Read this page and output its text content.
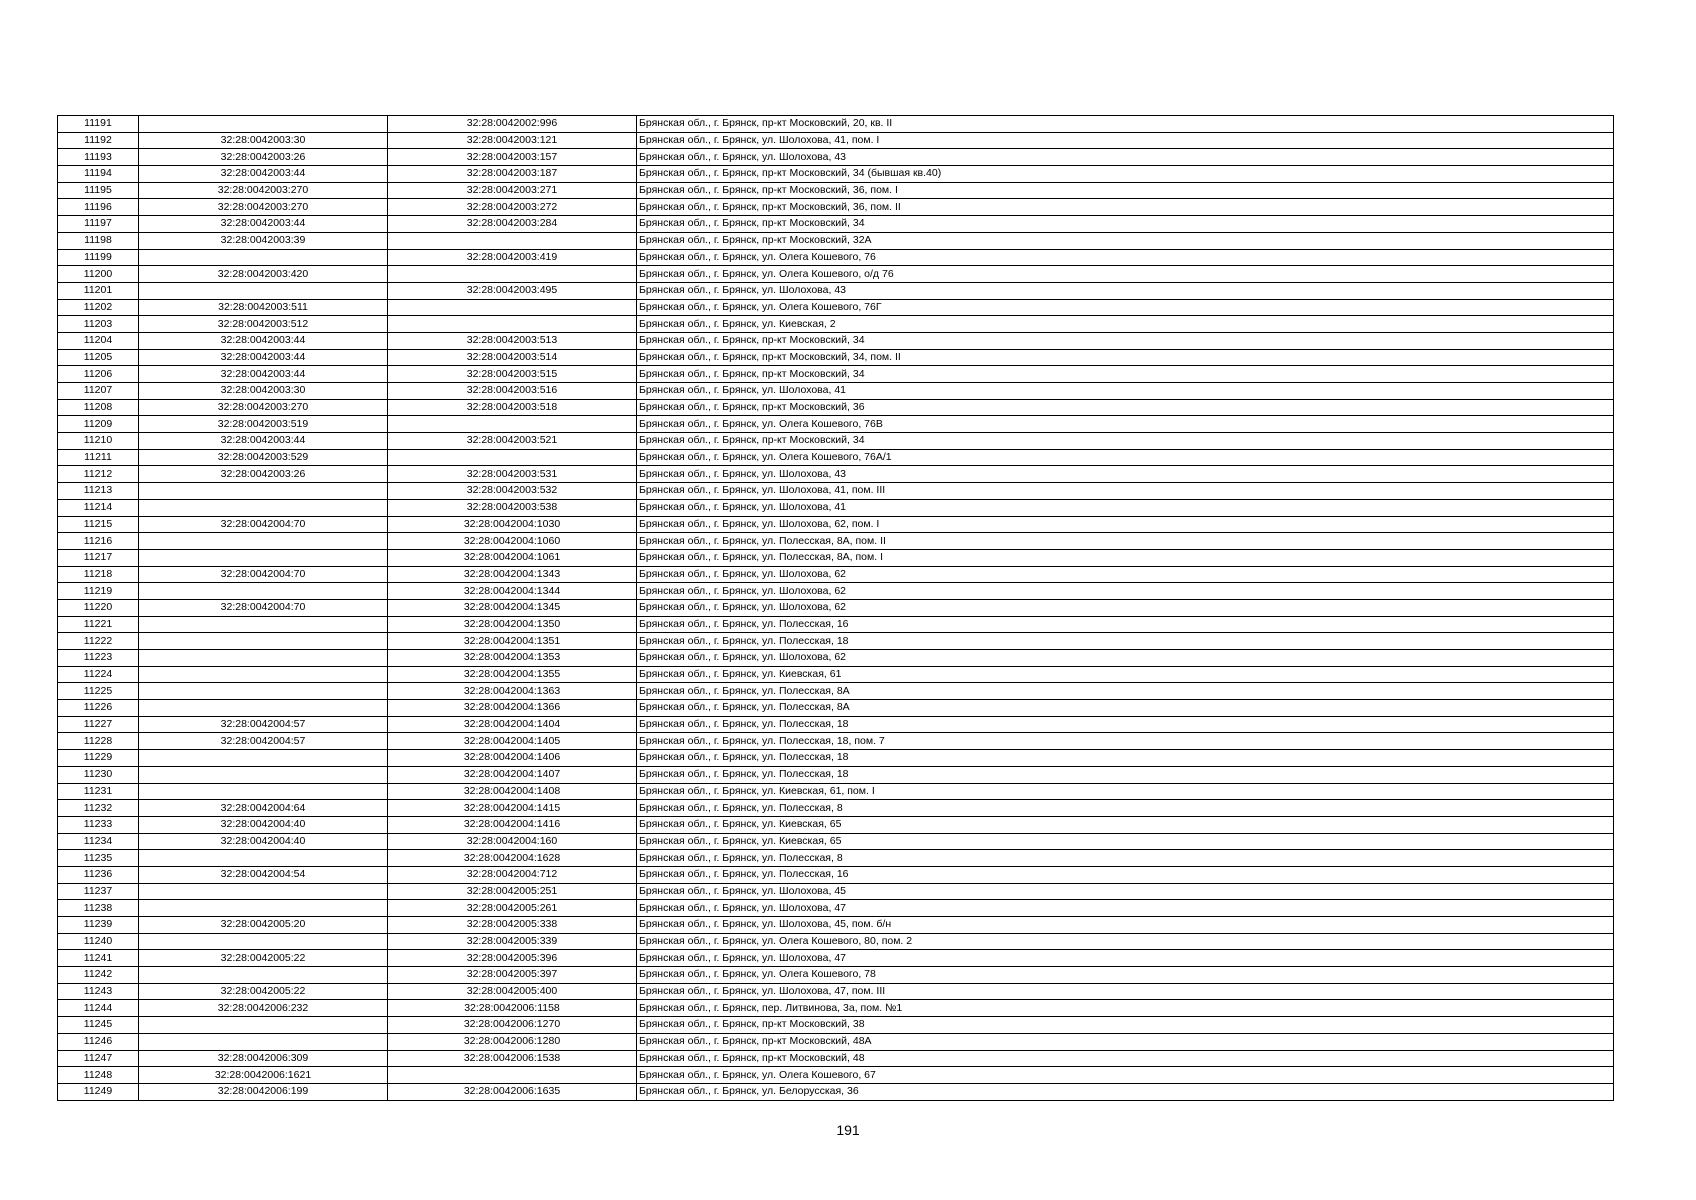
11191		32:28:0042002:996	Брянская обл., г. Брянск, пр-кт Московский, 20, кв. II
11192	32:28:0042003:30	32:28:0042003:121	Брянская обл., г. Брянск, ул. Шолохова, 41, пом. I
11193	32:28:0042003:26	32:28:0042003:157	Брянская обл., г. Брянск, ул. Шолохова, 43
11194	32:28:0042003:44	32:28:0042003:187	Брянская обл., г. Брянск, пр-кт Московский, 34 (бывшая кв.40)
11195	32:28:0042003:270	32:28:0042003:271	Брянская обл., г. Брянск, пр-кт Московский, 36, пом. I
11196	32:28:0042003:270	32:28:0042003:272	Брянская обл., г. Брянск, пр-кт Московский, 36, пом. II
11197	32:28:0042003:44	32:28:0042003:284	Брянская обл., г. Брянск, пр-кт Московский, 34
11198	32:28:0042003:39		Брянская обл., г. Брянск, пр-кт Московский, 32А
11199		32:28:0042003:419	Брянская обл., г. Брянск, ул. Олега Кошевого, 76
11200	32:28:0042003:420		Брянская обл., г. Брянск, ул. Олега Кошевого, о/д 76
11201		32:28:0042003:495	Брянская обл., г. Брянск, ул. Шолохова, 43
11202	32:28:0042003:511		Брянская обл., г. Брянск, ул. Олега Кошевого, 76Г
11203	32:28:0042003:512		Брянская обл., г. Брянск, ул. Киевская, 2
11204	32:28:0042003:44	32:28:0042003:513	Брянская обл., г. Брянск, пр-кт Московский, 34
11205	32:28:0042003:44	32:28:0042003:514	Брянская обл., г. Брянск, пр-кт Московский, 34, пом. II
11206	32:28:0042003:44	32:28:0042003:515	Брянская обл., г. Брянск, пр-кт Московский, 34
11207	32:28:0042003:30	32:28:0042003:516	Брянская обл., г. Брянск, ул. Шолохова, 41
11208	32:28:0042003:270	32:28:0042003:518	Брянская обл., г. Брянск, пр-кт Московский, 36
11209	32:28:0042003:519		Брянская обл., г. Брянск, ул. Олега Кошевого, 76В
11210	32:28:0042003:44	32:28:0042003:521	Брянская обл., г. Брянск, пр-кт Московский, 34
11211	32:28:0042003:529		Брянская обл., г. Брянск, ул. Олега Кошевого, 76А/1
11212	32:28:0042003:26	32:28:0042003:531	Брянская обл., г. Брянск, ул. Шолохова, 43
11213		32:28:0042003:532	Брянская обл., г. Брянск, ул. Шолохова, 41, пом. III
11214		32:28:0042003:538	Брянская обл., г. Брянск, ул. Шолохова, 41
11215	32:28:0042004:70	32:28:0042004:1030	Брянская обл., г. Брянск, ул. Шолохова, 62, пом. I
11216		32:28:0042004:1060	Брянская обл., г. Брянск, ул. Полесская, 8А, пом. II
11217		32:28:0042004:1061	Брянская обл., г. Брянск, ул. Полесская, 8А, пом. I
11218	32:28:0042004:70	32:28:0042004:1343	Брянская обл., г. Брянск, ул. Шолохова, 62
11219		32:28:0042004:1344	Брянская обл., г. Брянск, ул. Шолохова, 62
11220	32:28:0042004:70	32:28:0042004:1345	Брянская обл., г. Брянск, ул. Шолохова, 62
11221		32:28:0042004:1350	Брянская обл., г. Брянск, ул. Полесская, 16
11222		32:28:0042004:1351	Брянская обл., г. Брянск, ул. Полесская, 18
11223		32:28:0042004:1353	Брянская обл., г. Брянск, ул. Шолохова, 62
11224		32:28:0042004:1355	Брянская обл., г. Брянск, ул. Киевская, 61
11225		32:28:0042004:1363	Брянская обл., г. Брянск, ул. Полесская, 8А
11226		32:28:0042004:1366	Брянская обл., г. Брянск, ул. Полесская, 8А
11227	32:28:0042004:57	32:28:0042004:1404	Брянская обл., г. Брянск, ул. Полесская, 18
11228	32:28:0042004:57	32:28:0042004:1405	Брянская обл., г. Брянск, ул. Полесская, 18, пом. 7
11229		32:28:0042004:1406	Брянская обл., г. Брянск, ул. Полесская, 18
11230		32:28:0042004:1407	Брянская обл., г. Брянск, ул. Полесская, 18
11231		32:28:0042004:1408	Брянская обл., г. Брянск, ул. Киевская, 61, пом. I
11232	32:28:0042004:64	32:28:0042004:1415	Брянская обл., г. Брянск, ул. Полесская, 8
11233	32:28:0042004:40	32:28:0042004:1416	Брянская обл., г. Брянск, ул. Киевская, 65
11234	32:28:0042004:40	32:28:0042004:160	Брянская обл., г. Брянск, ул. Киевская, 65
11235		32:28:0042004:1628	Брянская обл., г. Брянск, ул. Полесская, 8
11236	32:28:0042004:54	32:28:0042004:712	Брянская обл., г. Брянск, ул. Полесская, 16
11237		32:28:0042005:251	Брянская обл., г. Брянск, ул. Шолохова, 45
11238		32:28:0042005:261	Брянская обл., г. Брянск, ул. Шолохова, 47
11239	32:28:0042005:20	32:28:0042005:338	Брянская обл., г. Брянск, ул. Шолохова, 45, пом. б/н
11240		32:28:0042005:339	Брянская обл., г. Брянск, ул. Олега Кошевого, 80, пом. 2
11241	32:28:0042005:22	32:28:0042005:396	Брянская обл., г. Брянск, ул. Шолохова, 47
11242		32:28:0042005:397	Брянская обл., г. Брянск, ул. Олега Кошевого, 78
11243	32:28:0042005:22	32:28:0042005:400	Брянская обл., г. Брянск, ул. Шолохова, 47, пом. III
11244	32:28:0042006:232	32:28:0042006:1158	Брянская обл., г. Брянск, пер. Литвинова, 3а, пом. №1
11245		32:28:0042006:1270	Брянская обл., г. Брянск, пр-кт Московский, 38
11246		32:28:0042006:1280	Брянская обл., г. Брянск, пр-кт Московский, 48А
11247	32:28:0042006:309	32:28:0042006:1538	Брянская обл., г. Брянск, пр-кт Московский, 48
11248	32:28:0042006:1621		Брянская обл., г. Брянск, ул. Олега Кошевого, 67
11249	32:28:0042006:199	32:28:0042006:1635	Брянская обл., г. Брянск, ул. Белорусская, 36
191
